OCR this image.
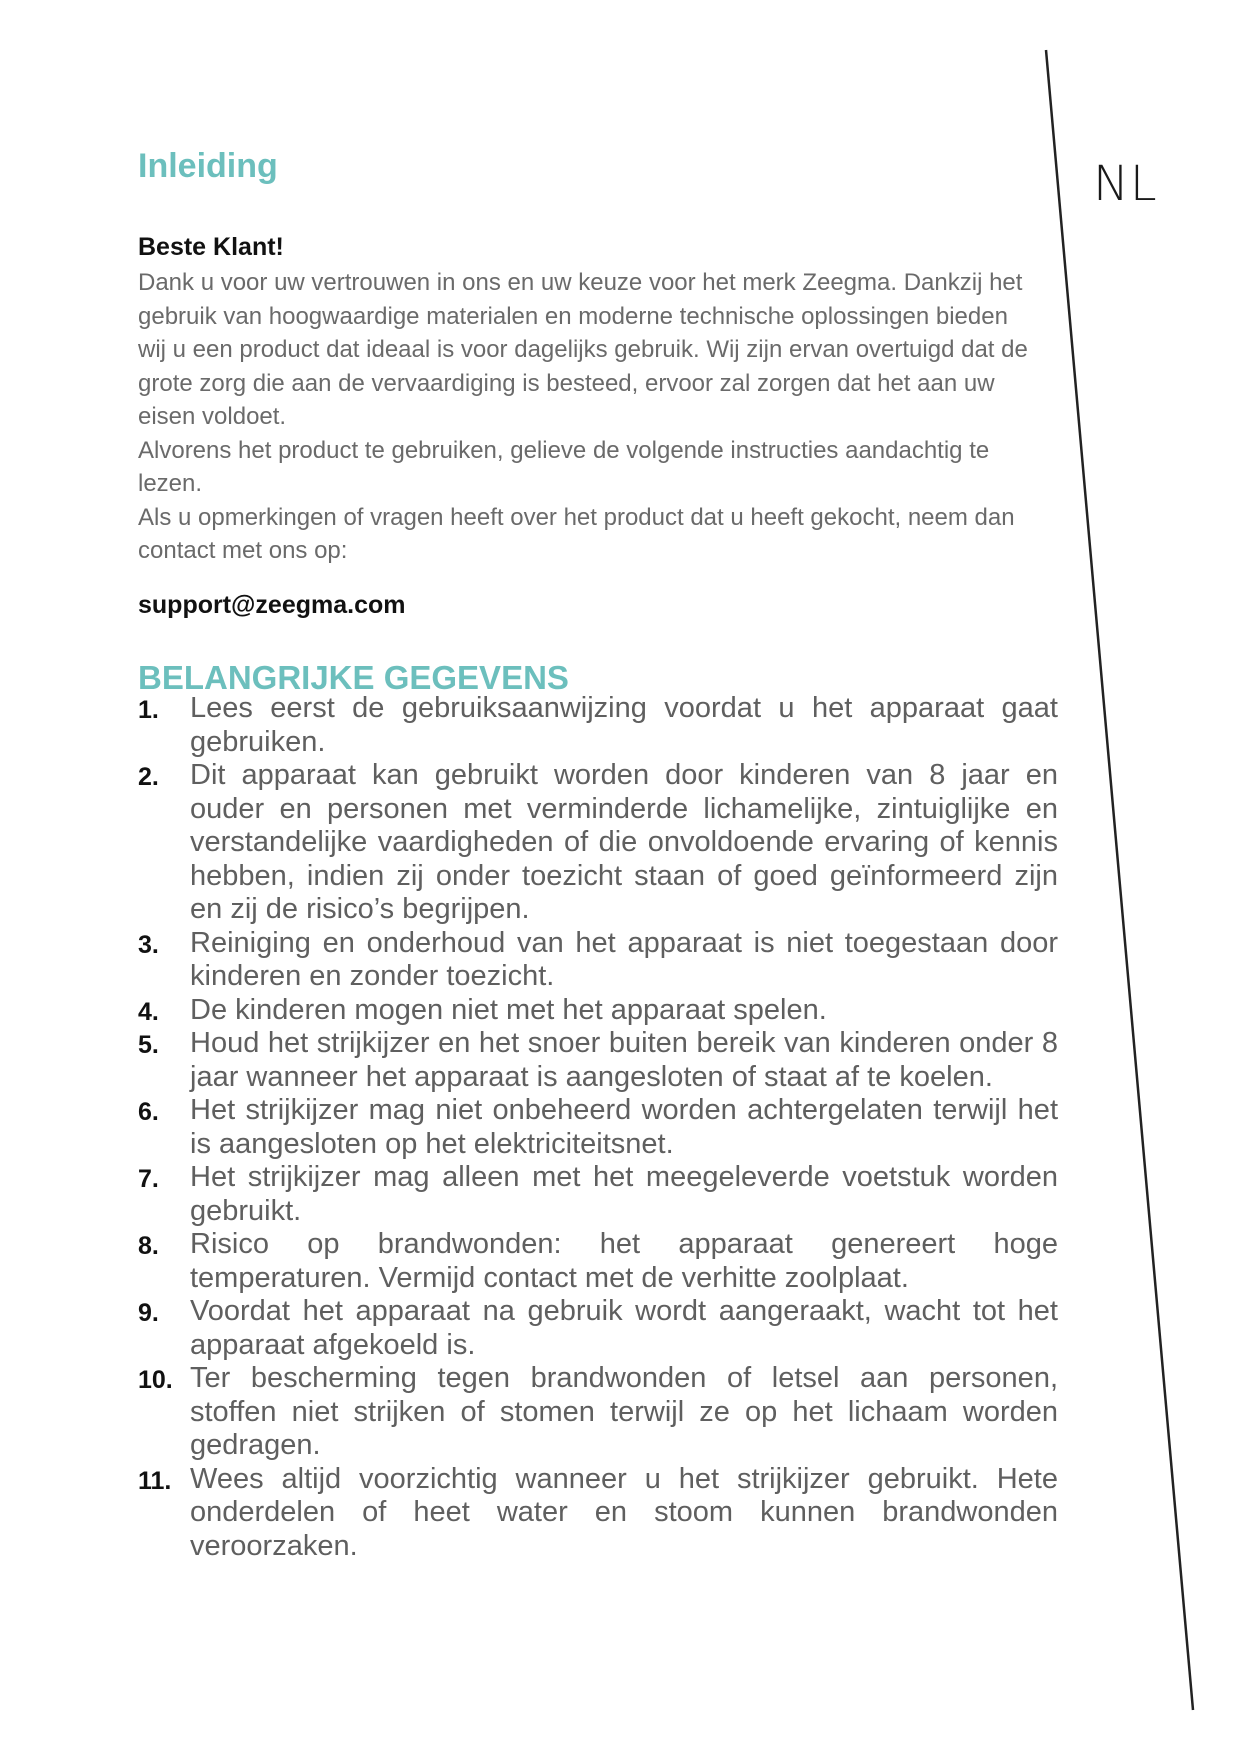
NL
Inleiding

Beste Klant!

Dank u voor uw vertrouwen in ons en uw keuze voor het merk Zeegma. Dankzij het gebruik van hoogwaardige materialen en moderne technische oplossingen bieden wij u een product dat ideaal is voor dagelijks gebruik. Wij zijn ervan overtuigd dat de grote zorg die aan de vervaardiging is besteed, ervoor zal zorgen dat het aan uw eisen voldoet.

Alvorens het product te gebruiken, gelieve de volgende instructies aandachtig te lezen.

Als u opmerkingen of vragen heeft over het product dat u heeft gekocht, neem dan contact met ons op:

support@zeegma.com
BELANGRIJKE GEGEVENS
1. Lees eerst de gebruiksaanwijzing voordat u het apparaat gaat gebruiken.
2. Dit apparaat kan gebruikt worden door kinderen van 8 jaar en ouder en personen met verminderde lichamelijke, zintuiglijke en verstandelijke vaardigheden of die onvoldoende ervaring of kennis hebben, indien zij onder toezicht staan of goed geïnformeerd zijn en zij de risico’s begrijpen.
3. Reiniging en onderhoud van het apparaat is niet toegestaan door kinderen en zonder toezicht.
4. De kinderen mogen niet met het apparaat spelen.
5. Houd het strijkijzer en het snoer buiten bereik van kinderen onder 8 jaar wanneer het apparaat is aangesloten of staat af te koelen.
6. Het strijkijzer mag niet onbeheerd worden achtergelaten terwijl het is aangesloten op het elektriciteitsnet.
7. Het strijkijzer mag alleen met het meegeleverde voetstuk worden gebruikt.
8. Risico op brandwonden: het apparaat genereert hoge temperaturen. Vermijd contact met de verhitte zoolplaat.
9. Voordat het apparaat na gebruik wordt aangeraakt, wacht tot het apparaat afgekoeld is.
10. Ter bescherming tegen brandwonden of letsel aan personen, stoffen niet strijken of stomen terwijl ze op het lichaam worden gedragen.
11. Wees altijd voorzichtig wanneer u het strijkijzer gebruikt. Hete onderdelen of heet water en stoom kunnen brandwonden veroorzaken.
